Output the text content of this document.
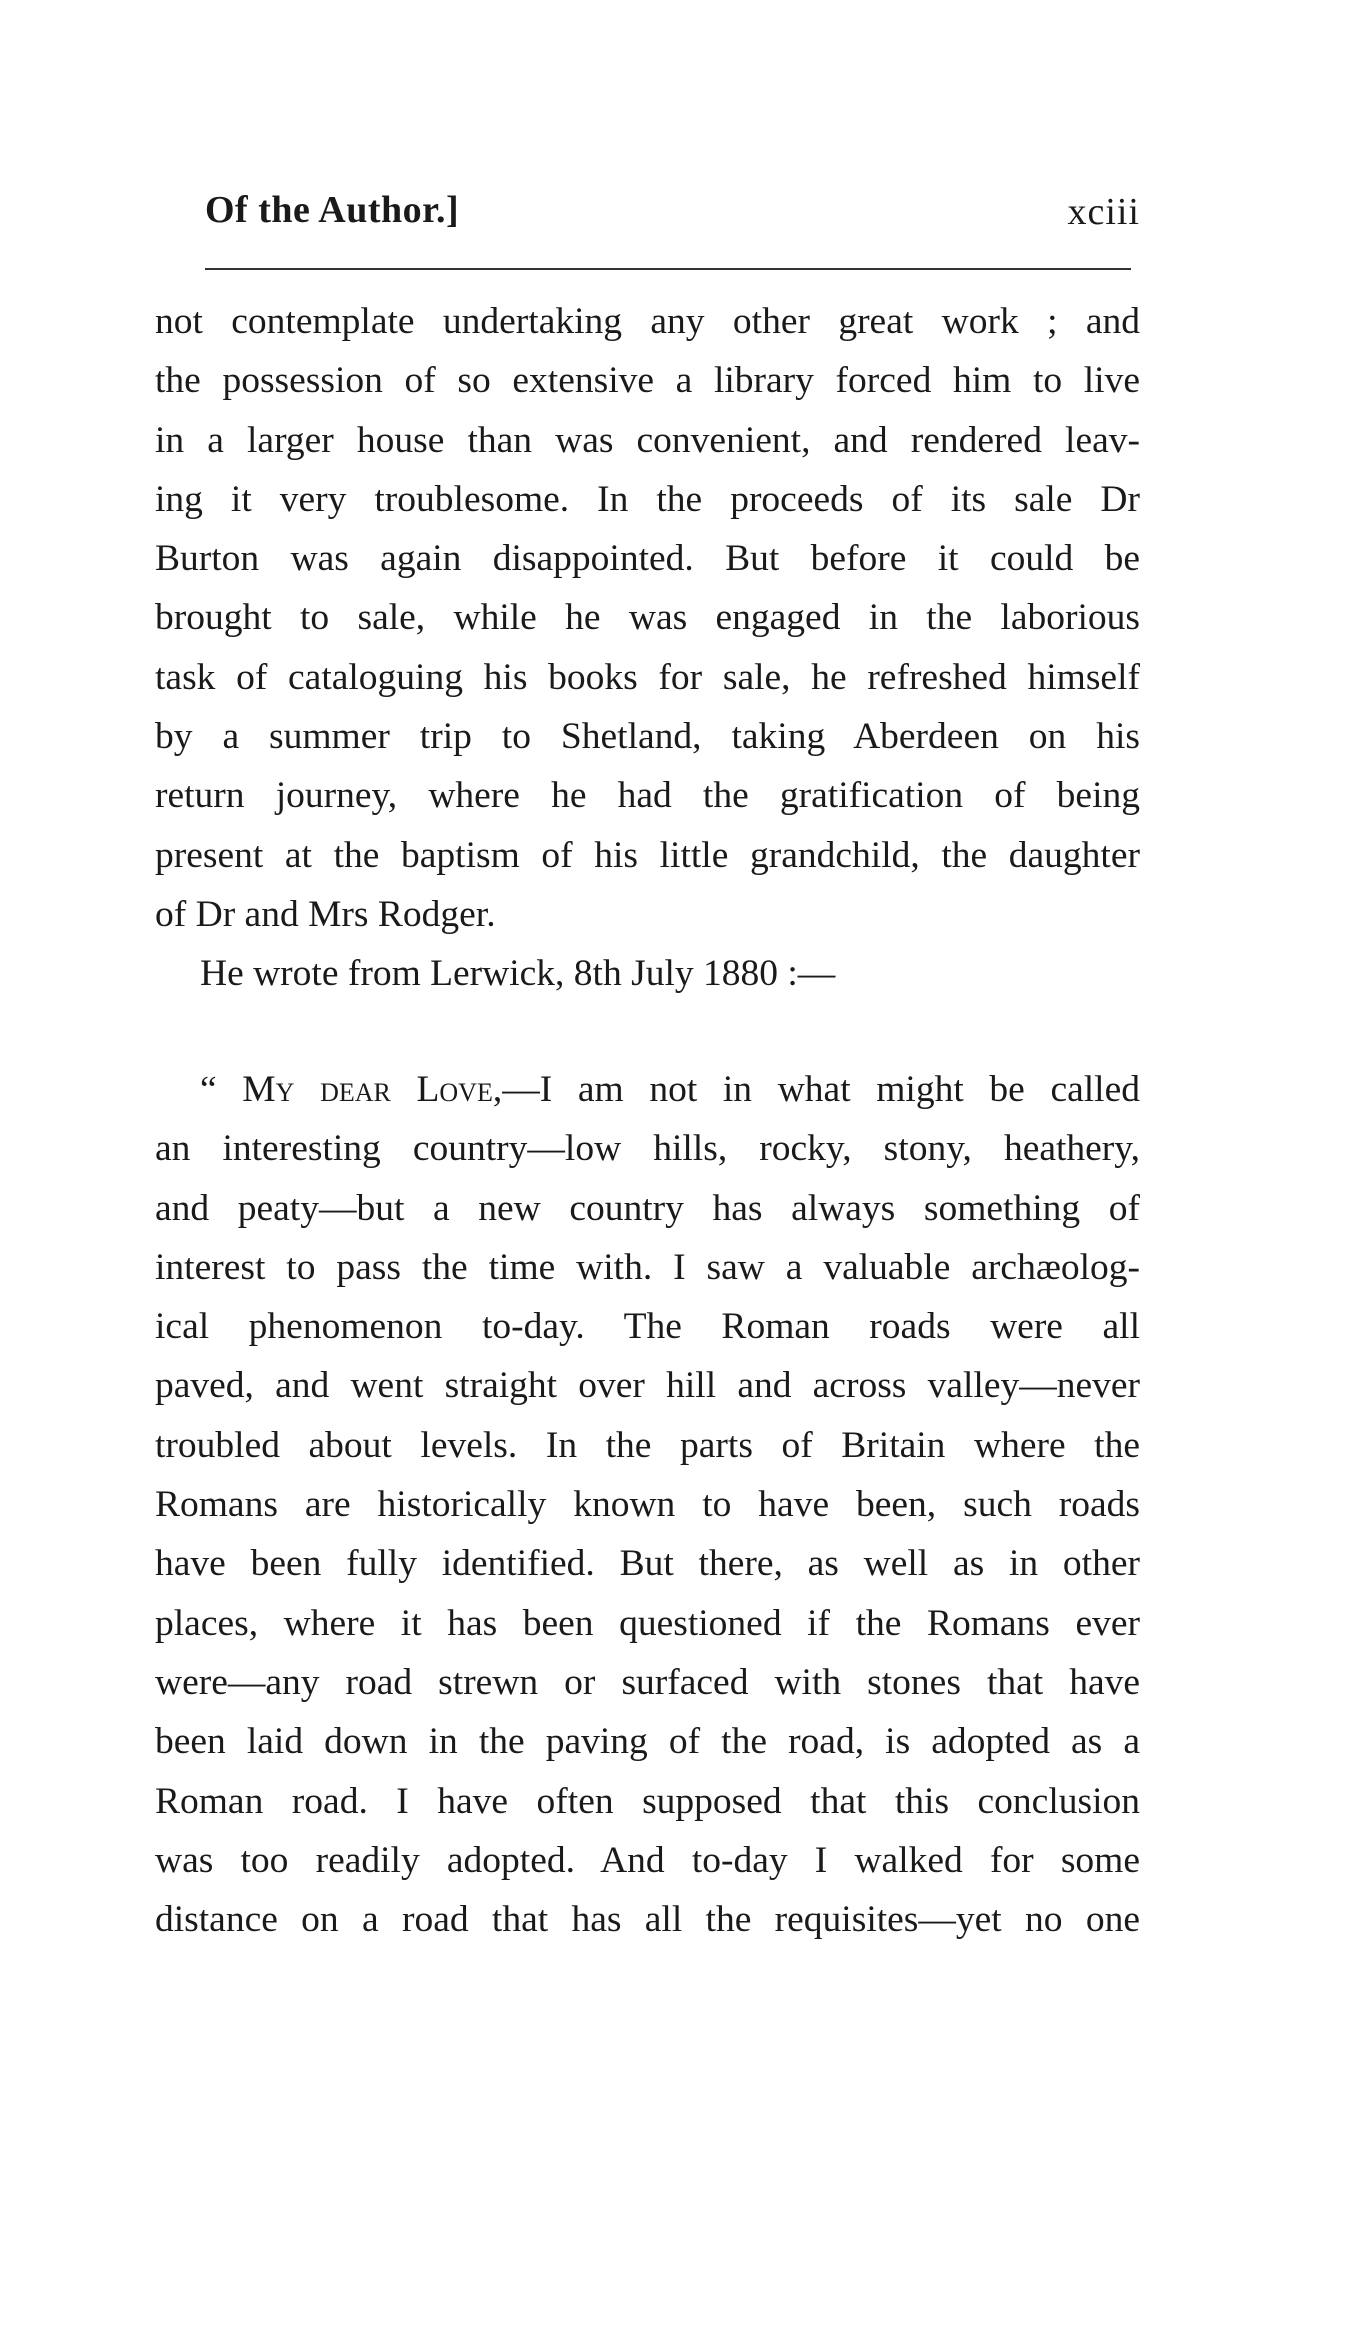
Of the Author.]	xciii
not contemplate undertaking any other great work ; and
the possession of so extensive a library forced him to live
in a larger house than was convenient, and rendered leav-
ing it very troublesome. In the proceeds of its sale Dr
Burton was again disappointed. But before it could be
brought to sale, while he was engaged in the laborious
task of cataloguing his books for sale, he refreshed himself
by a summer trip to Shetland, taking Aberdeen on his
return journey, where he had the gratification of being
present at the baptism of his little grandchild, the daughter
of Dr and Mrs Rodger.
He wrote from Lerwick, 8th July 1880 :—
“ My dear Love,—I am not in what might be called
an interesting country—low hills, rocky, stony, heathery,
and peaty—but a new country has always something of
interest to pass the time with. I saw a valuable archæolog-
ical phenomenon to-day. The Roman roads were all
paved, and went straight over hill and across valley—never
troubled about levels. In the parts of Britain where the
Romans are historically known to have been, such roads
have been fully identified. But there, as well as in other
places, where it has been questioned if the Romans ever
were—any road strewn or surfaced with stones that have
been laid down in the paving of the road, is adopted as a
Roman road. I have often supposed that this conclusion
was too readily adopted. And to-day I walked for some
distance on a road that has all the requisites—yet no one
